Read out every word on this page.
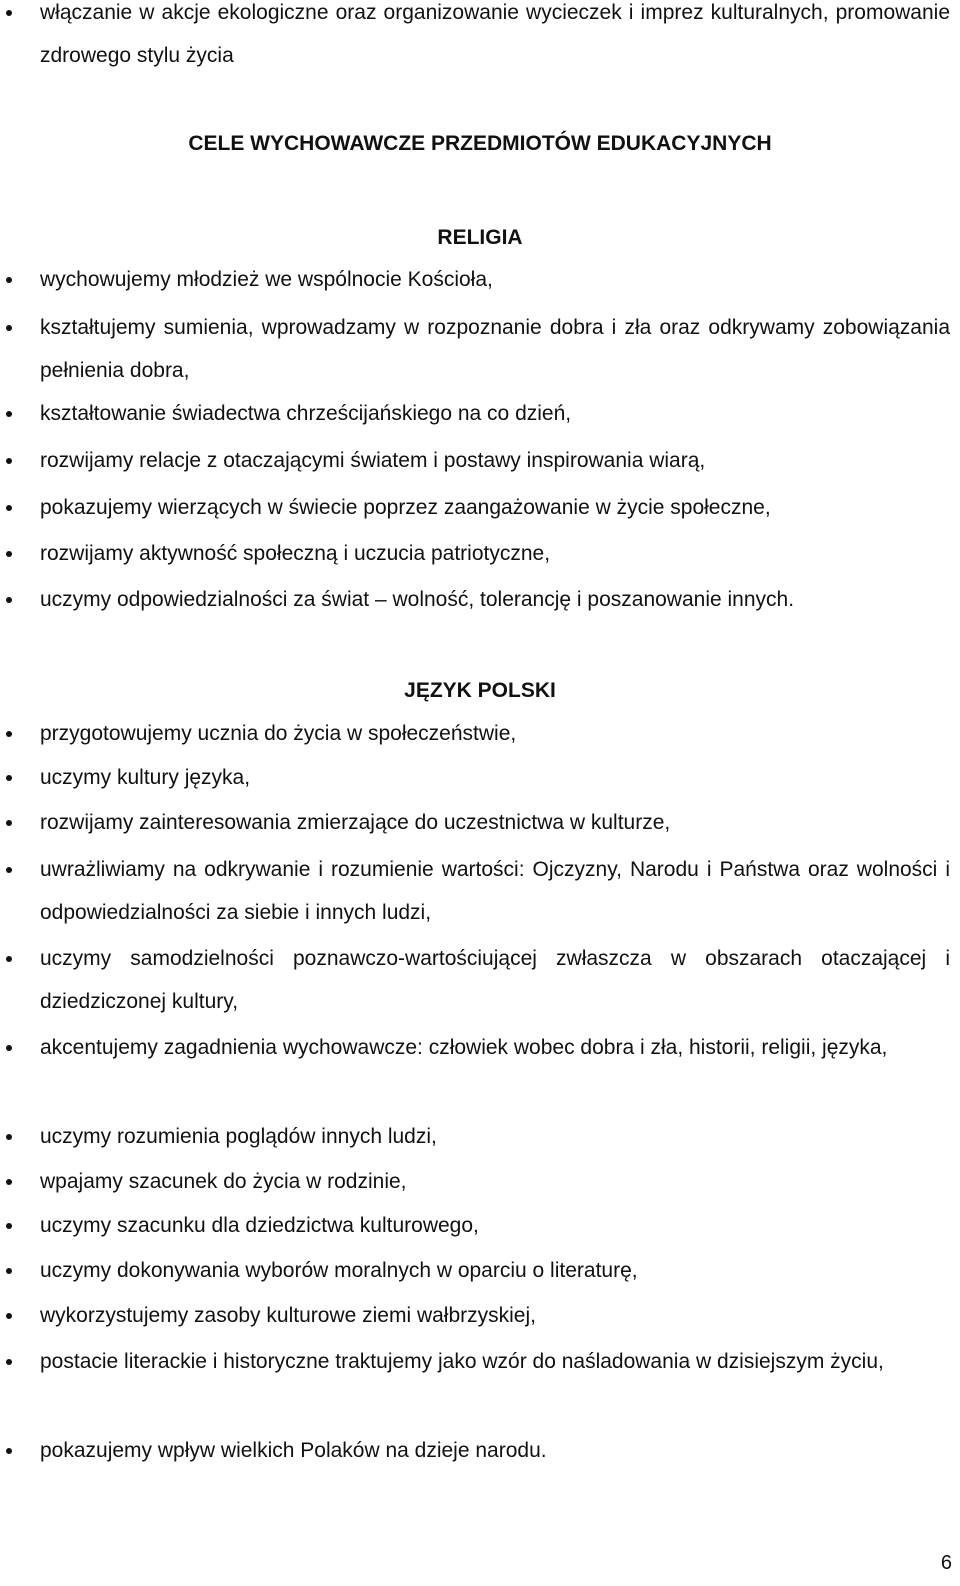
włączanie w akcje ekologiczne oraz organizowanie wycieczek i imprez kulturalnych, promowanie zdrowego stylu życia
CELE WYCHOWAWCZE PRZEDMIOTÓW EDUKACYJNYCH
RELIGIA
wychowujemy młodzież we wspólnocie Kościoła,
kształtujemy sumienia, wprowadzamy w rozpoznanie dobra i zła oraz odkrywamy zobowiązania pełnienia dobra,
kształtowanie świadectwa chrześcijańskiego na co dzień,
rozwijamy relacje z otaczającymi światem i postawy inspirowania wiarą,
pokazujemy wierzących w świecie poprzez zaangażowanie w życie społeczne,
rozwijamy aktywność społeczną i uczucia patriotyczne,
uczymy odpowiedzialności za świat – wolność, tolerancję i poszanowanie innych.
JĘZYK POLSKI
przygotowujemy ucznia do życia w społeczeństwie,
uczymy kultury języka,
rozwijamy zainteresowania zmierzające do uczestnictwa w kulturze,
uwrażliwiamy na odkrywanie i rozumienie wartości: Ojczyzny, Narodu i Państwa oraz wolności i odpowiedzialności za siebie i innych ludzi,
uczymy samodzielności poznawczo-wartościującej zwłaszcza w obszarach otaczającej i dziedziczonej kultury,
akcentujemy zagadnienia wychowawcze: człowiek wobec dobra i zła, historii, religii, języka,
uczymy rozumienia poglądów innych ludzi,
wpajamy szacunek do życia w rodzinie,
uczymy szacunku dla dziedzictwa kulturowego,
uczymy dokonywania wyborów moralnych w oparciu o literaturę,
wykorzystujemy zasoby kulturowe ziemi wałbrzyskiej,
postacie literackie i historyczne traktujemy jako wzór do naśladowania w dzisiejszym życiu,
pokazujemy wpływ wielkich Polaków na dzieje narodu.
6
